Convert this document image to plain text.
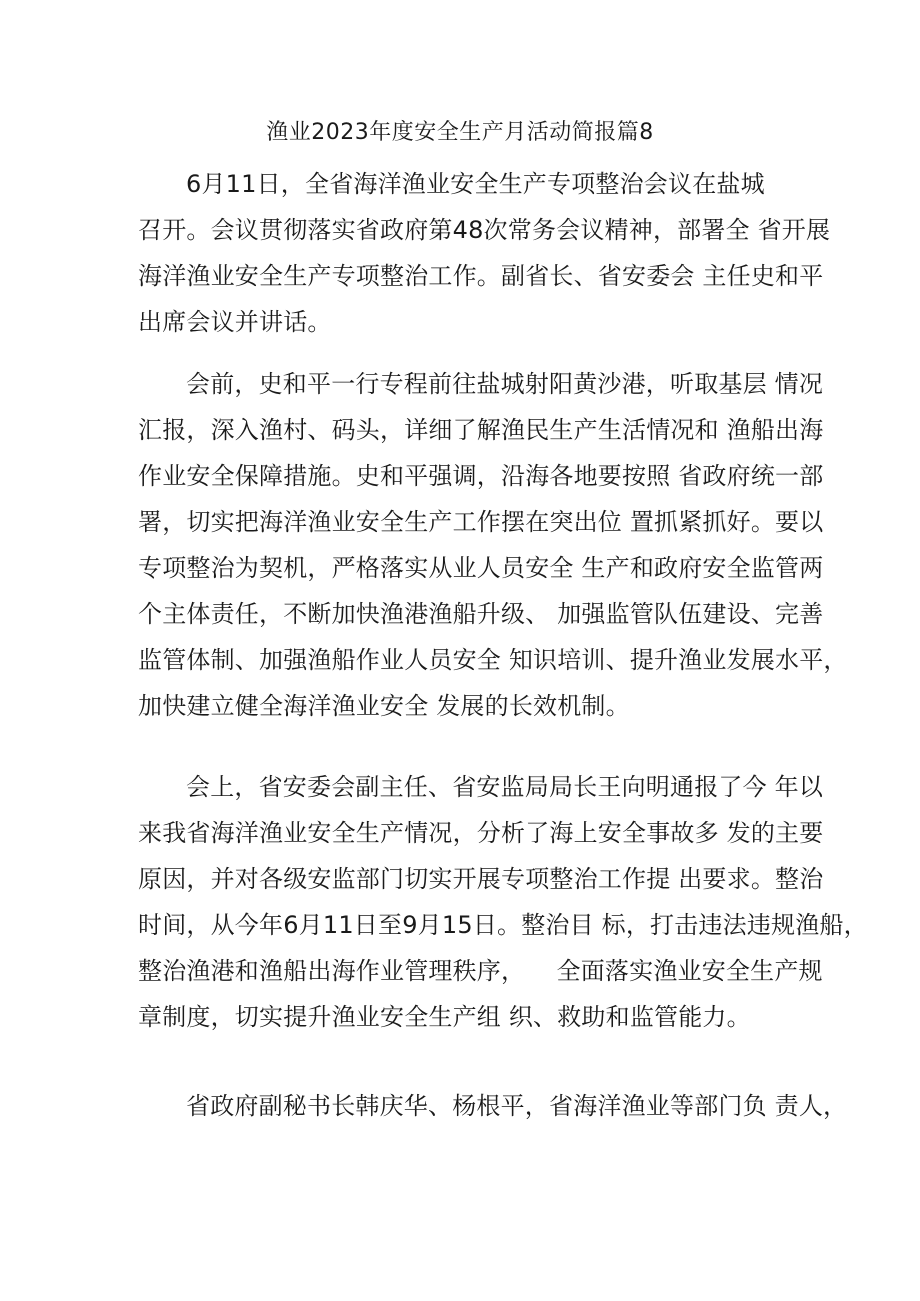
渔业2023年度安全生产月活动简报篇8
6月11日，全省海洋渔业安全生产专项整治会议在盐城
召开。会议贯彻落实省政府第48次常务会议精神，部署全 省开展
海洋渔业安全生产专项整治工作。副省长、省安委会 主任史和平
出席会议并讲话。
会前，史和平一行专程前往盐城射阳黄沙港，听取基层 情况
汇报，深入渔村、码头，详细了解渔民生产生活情况和 渔船出海
作业安全保障措施。史和平强调，沿海各地要按照 省政府统一部
署，切实把海洋渔业安全生产工作摆在突出位 置抓紧抓好。要以
专项整治为契机，严格落实从业人员安全 生产和政府安全监管两
个主体责任，不断加快渔港渔船升级、 加强监管队伍建设、完善
监管体制、加强渔船作业人员安全 知识培训、提升渔业发展水平，
加快建立健全海洋渔业安全 发展的长效机制。
会上，省安委会副主任、省安监局局长王向明通报了今 年以
来我省海洋渔业安全生产情况，分析了海上安全事故多 发的主要
原因，并对各级安监部门切实开展专项整治工作提 出要求。整治
时间，从今年6月11日至9月15日。整治目 标，打击违法违规渔船，
整治渔港和渔船出海作业管理秩序，    全面落实渔业安全生产规
章制度，切实提升渔业安全生产组 织、救助和监管能力。
省政府副秘书长韩庆华、杨根平，省海洋渔业等部门负 责人，
